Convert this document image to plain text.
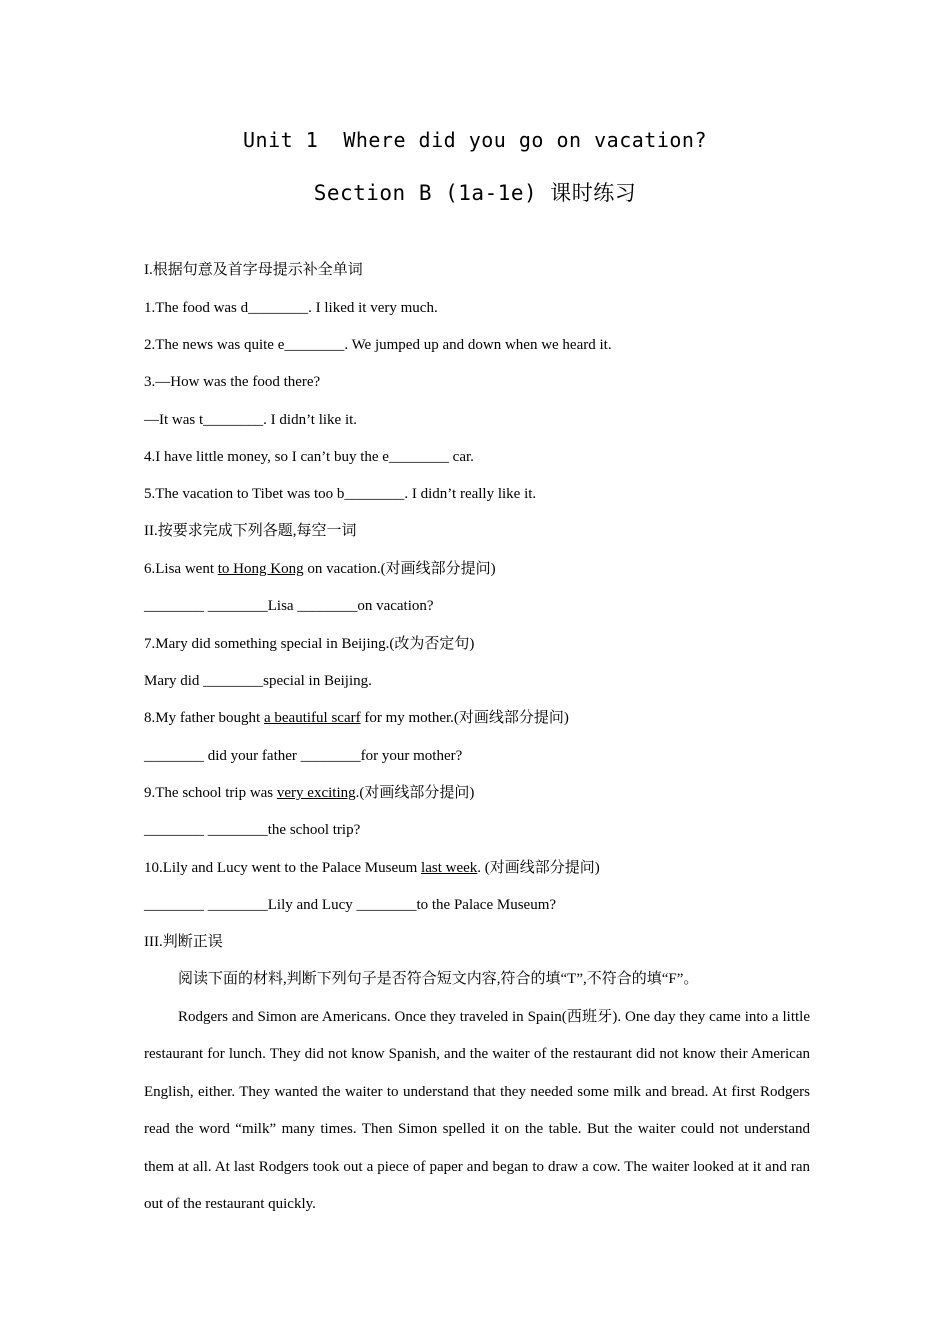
Unit 1  Where did you go on vacation?
Section B (1a-1e) 课时练习
I.根据句意及首字母提示补全单词
1.The food was d________. I liked it very much.
2.The news was quite e________. We jumped up and down when we heard it.
3.—How was the food there?
—It was t________. I didn’t like it.
4.I have little money, so I can’t buy the e________ car.
5.The vacation to Tibet was too b________. I didn’t really like it.
II.按要求完成下列各题,每空一词
6.Lisa went to Hong Kong on vacation.(对画线部分提问)
________ ________Lisa ________on vacation?
7.Mary did something special in Beijing.(改为否定句)
Mary did ________special in Beijing.
8.My father bought a beautiful scarf for my mother.(对画线部分提问)
________ did your father ________for your mother?
9.The school trip was very exciting.(对画线部分提问)
________ ________the school trip?
10.Lily and Lucy went to the Palace Museum last week. (对画线部分提问)
________ ________Lily and Lucy ________to the Palace Museum?
III.判断正误
阅读下面的材料,判断下列句子是否符合短文内容,符合的填“T”,不符合的填“F”。
Rodgers and Simon are Americans. Once they traveled in Spain(西班牙). One day they came into a little restaurant for lunch. They did not know Spanish, and the waiter of the restaurant did not know their American English, either. They wanted the waiter to understand that they needed some milk and bread. At first Rodgers read the word “milk” many times. Then Simon spelled it on the table. But the waiter could not understand them at all. At last Rodgers took out a piece of paper and began to draw a cow. The waiter looked at it and ran out of the restaurant quickly.
